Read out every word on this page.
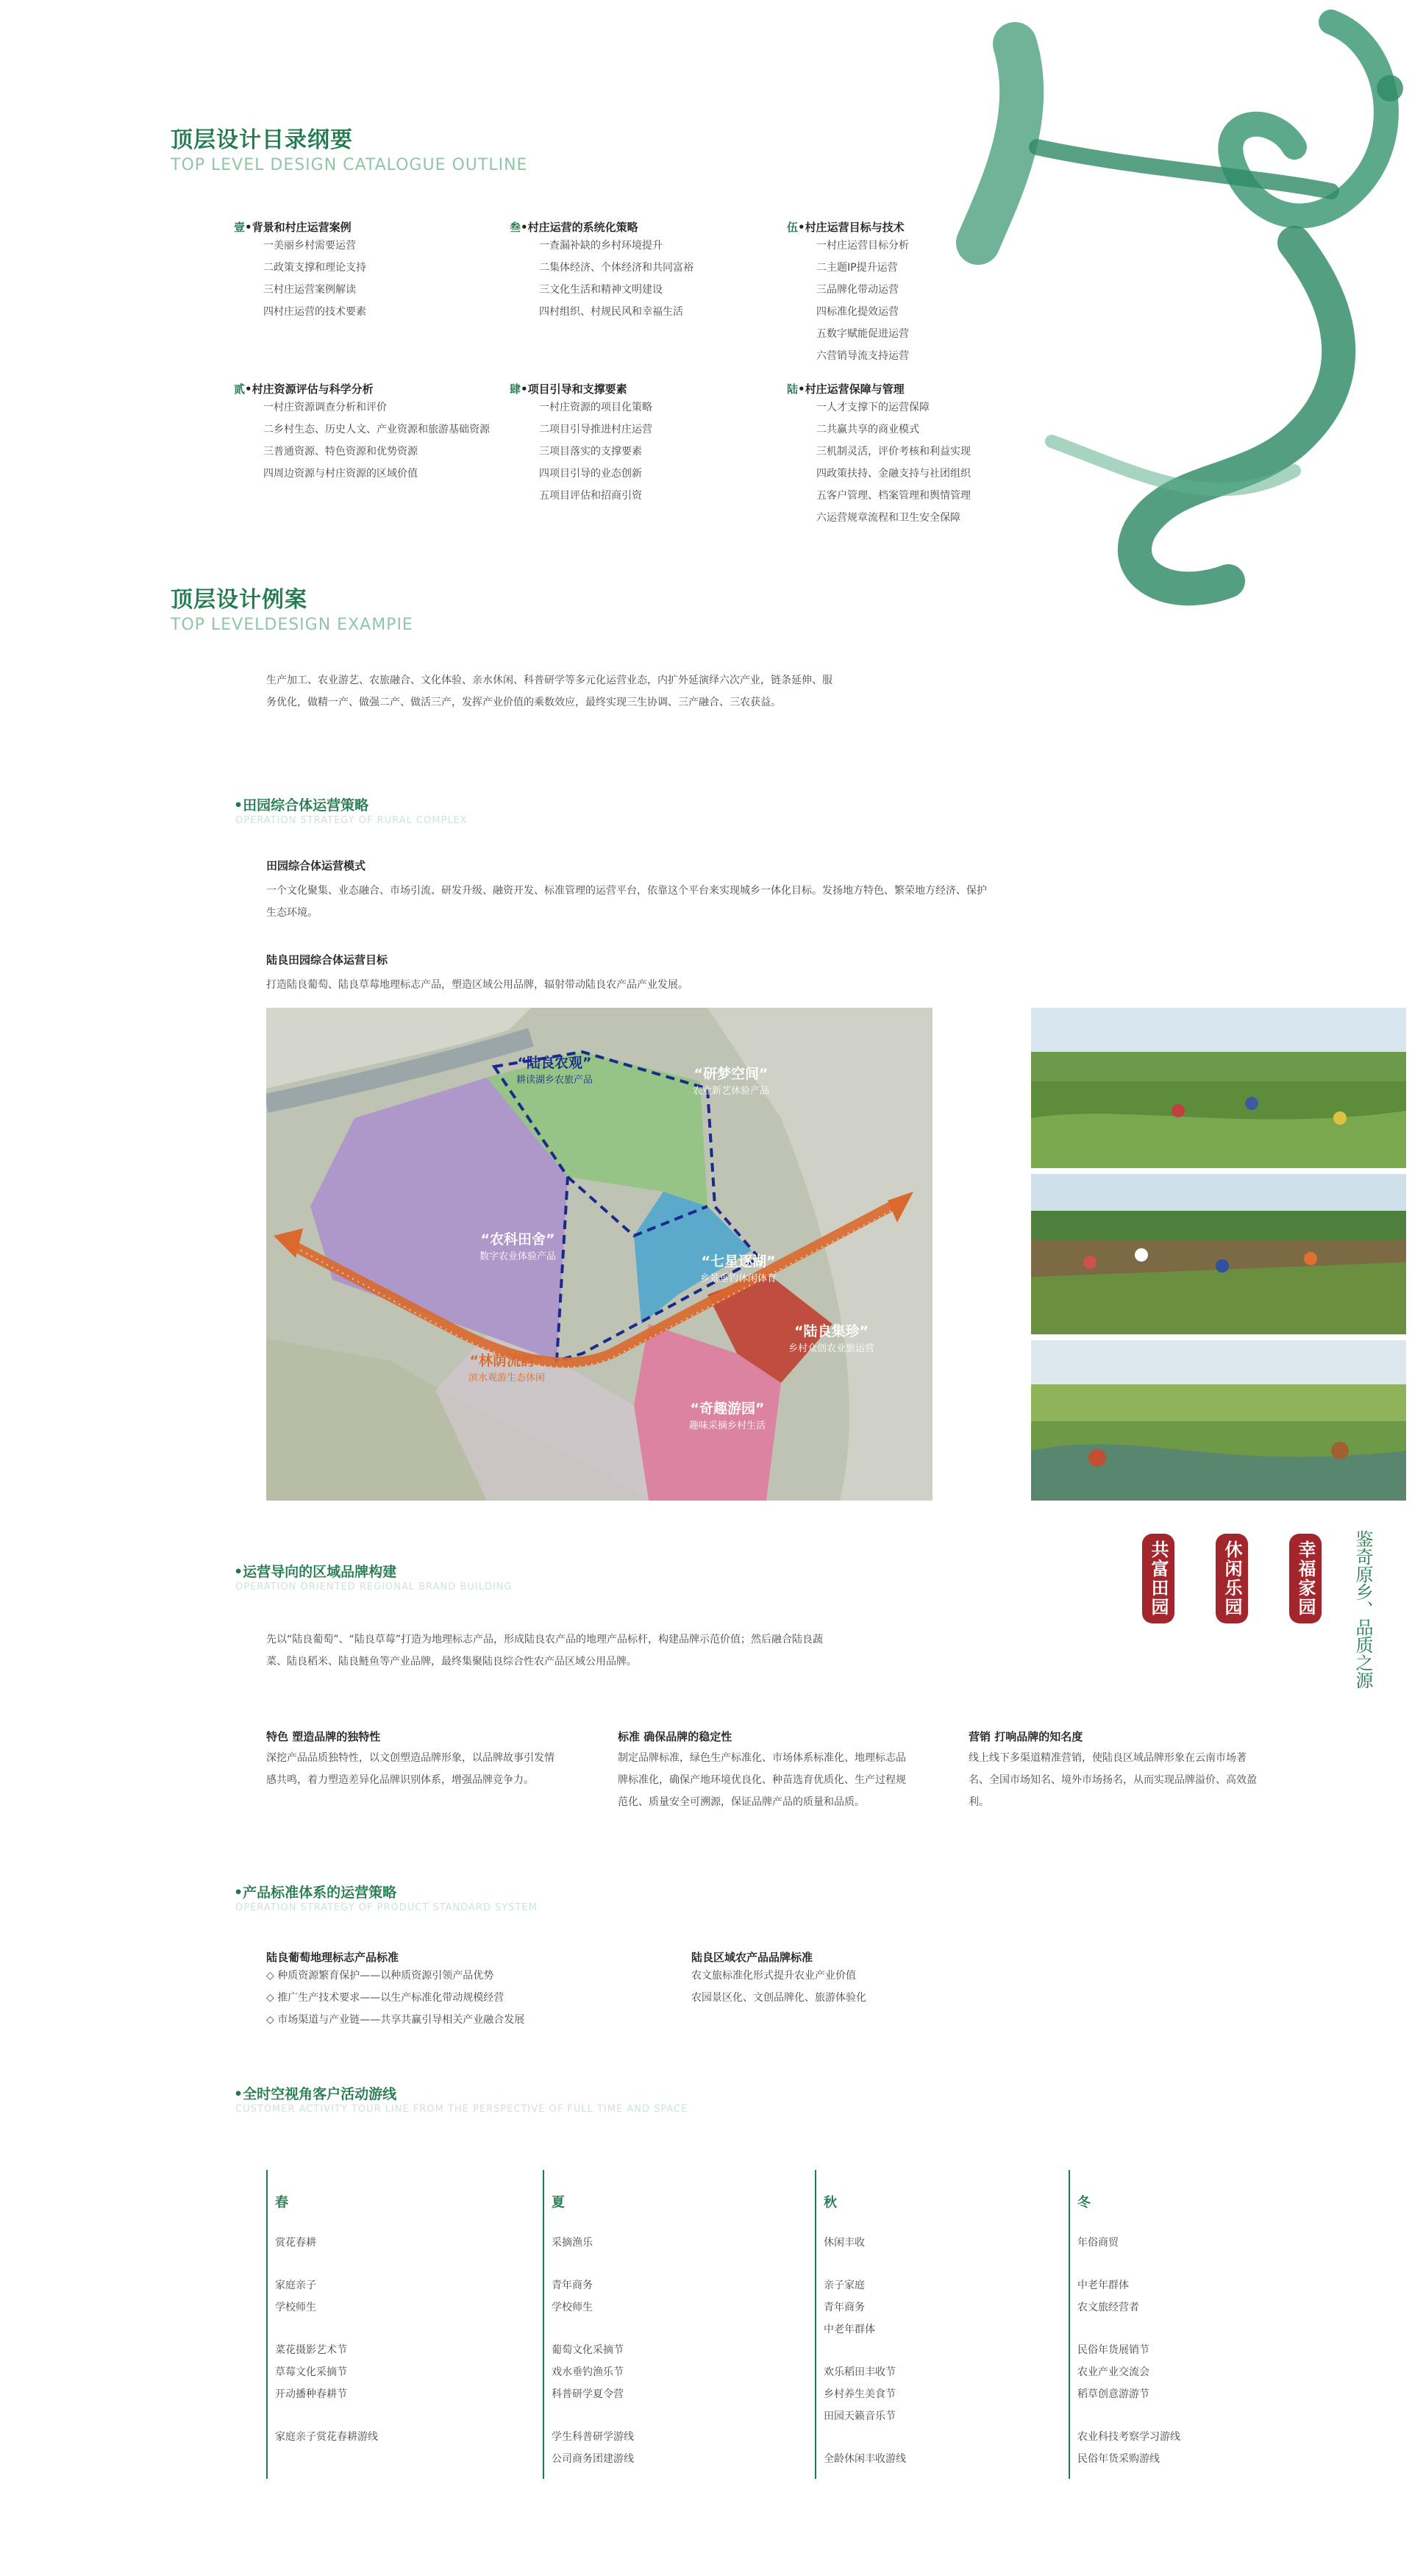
顶层设计目录纲要
TOP LEVEL DESIGN CATALOGUE OUTLINE
壹•背景和村庄运营案例
一美丽乡村需要运营
二政策支撑和理论支持
三村庄运营案例解读
四村庄运营的技术要素
贰•村庄资源评估与科学分析
一村庄资源调查分析和评价
二乡村生态、历史人文、产业资源和旅游基础资源
三普通资源、特色资源和优势资源
四周边资源与村庄资源的区域价值
叁•村庄运营的系统化策略
一查漏补缺的乡村环境提升
二集体经济、个体经济和共同富裕
三文化生活和精神文明建设
四村组织、村规民风和幸福生活
肆•项目引导和支撑要素
一村庄资源的项目化策略
二项目引导推进村庄运营
三项目落实的支撑要素
四项目引导的业态创新
五项目评估和招商引资
伍•村庄运营目标与技术
一村庄运营目标分析
二主题IP提升运营
三品牌化带动运营
四标准化提效运营
五数字赋能促进运营
六营销导流支持运营
陆•村庄运营保障与管理
一人才支撑下的运营保障
二共赢共享的商业模式
三机制灵活，评价考核和利益实现
四政策扶持、金融支持与社团组织
五客户管理、档案管理和舆情管理
六运营规章流程和卫生安全保障
顶层设计例案
TOP LEVELDESIGN EXAMPIE
生产加工、农业游艺、农旅融合、文化体验、亲水休闲、科普研学等多元化运营业态，内扩外延演绎六次产业，链条延伸、服务优化，做精一产、做强二产、做活三产，发挥产业价值的乘数效应，最终实现三生协调、三产融合、三农获益。
•田园综合体运营策略
OPERATION STRATEGY OF RURAL COMPLEX
田园综合体运营模式
一个文化聚集、业态融合、市场引流、研发升级、融资开发、标准管理的运营平台，依靠这个平台来实现城乡一体化目标。发扬地方特色、繁荣地方经济、保护生态环境。
陆良田园综合体运营目标
打造陆良葡萄、陆良草莓地理标志产品，塑造区域公用品牌，辐射带动陆良农产品产业发展。
“陆良农观”
耕读湖乡农旅产品	“研梦空间”
农业新艺休验产品
“农科田舍”
数字农业体验产品	“七星逐湖”
乡景垂钓休闲体育
“陆良集珍”
乡村众创农业旅运营
“林荫流韵”
滨水观游生态休闲
“奇趣游园”
趣味采摘乡村生活
共富田园	休闲乐园	幸福家园 鉴奇原乡、品质之源
•运营导向的区域品牌构建
OPERATION ORIENTED REGIONAL BRAND BUILDING
先以“陆良葡萄”、“陆良草莓”打造为地理标志产品，形成陆良农产品的地理产品标杆，构建品牌示范价值；然后融合陆良蔬菜、陆良稻米、陆良鲢鱼等产业品牌，最终集聚陆良综合性农产品区域公用品牌。
特色 塑造品牌的独特性
深挖产品品质独特性，以文创塑造品牌形象，以品牌故事引发情感共鸣，着力塑造差异化品牌识别体系，增强品牌竞争力。
标准 确保品牌的稳定性
制定品牌标准，绿色生产标准化、市场体系标准化、地理标志品牌标准化，确保产地环境优良化、种苗选育优质化、生产过程规范化、质量安全可溯源，保证品牌产品的质量和品质。
营销 打响品牌的知名度
线上线下多渠道精准营销，使陆良区域品牌形象在云南市场著名、全国市场知名、境外市场扬名，从而实现品牌溢价、高效盈利。
•产品标准体系的运营策略
OPERATION STRATEGY OF PRODUCT STANDARD SYSTEM
陆良葡萄地理标志产品标准
◇ 种质资源繁育保护——以种质资源引领产品优势
◇ 推广生产技术要求——以生产标准化带动规模经营
◇ 市场渠道与产业链——共享共赢引导相关产业融合发展
陆良区域农产品品牌标准
农文旅标准化形式提升农业产业价值
农园景区化、文创品牌化、旅游体验化
•全时空视角客户活动游线
CUSTOMER ACTIVITY TOUR LINE FROM THE PERSPECTIVE OF FULL TIME AND SPACE
春
赏花春耕
家庭亲子
学校师生
菜花摄影艺术节
草莓文化采摘节
开动播种春耕节
家庭亲子赏花春耕游线
夏
采摘渔乐
青年商务
学校师生
葡萄文化采摘节
戏水垂钓渔乐节
科普研学夏令营
学生科普研学游线
公司商务团建游线
秋
休闲丰收
亲子家庭
青年商务
中老年群体
欢乐稻田丰收节
乡村养生美食节
田园天籁音乐节
全龄休闲丰收游线
冬
年俗商贸
中老年群体
农文旅经营者
民俗年货展销节
农业产业交流会
稻草创意游游节
农业科技考察学习游线
民俗年货采购游线
